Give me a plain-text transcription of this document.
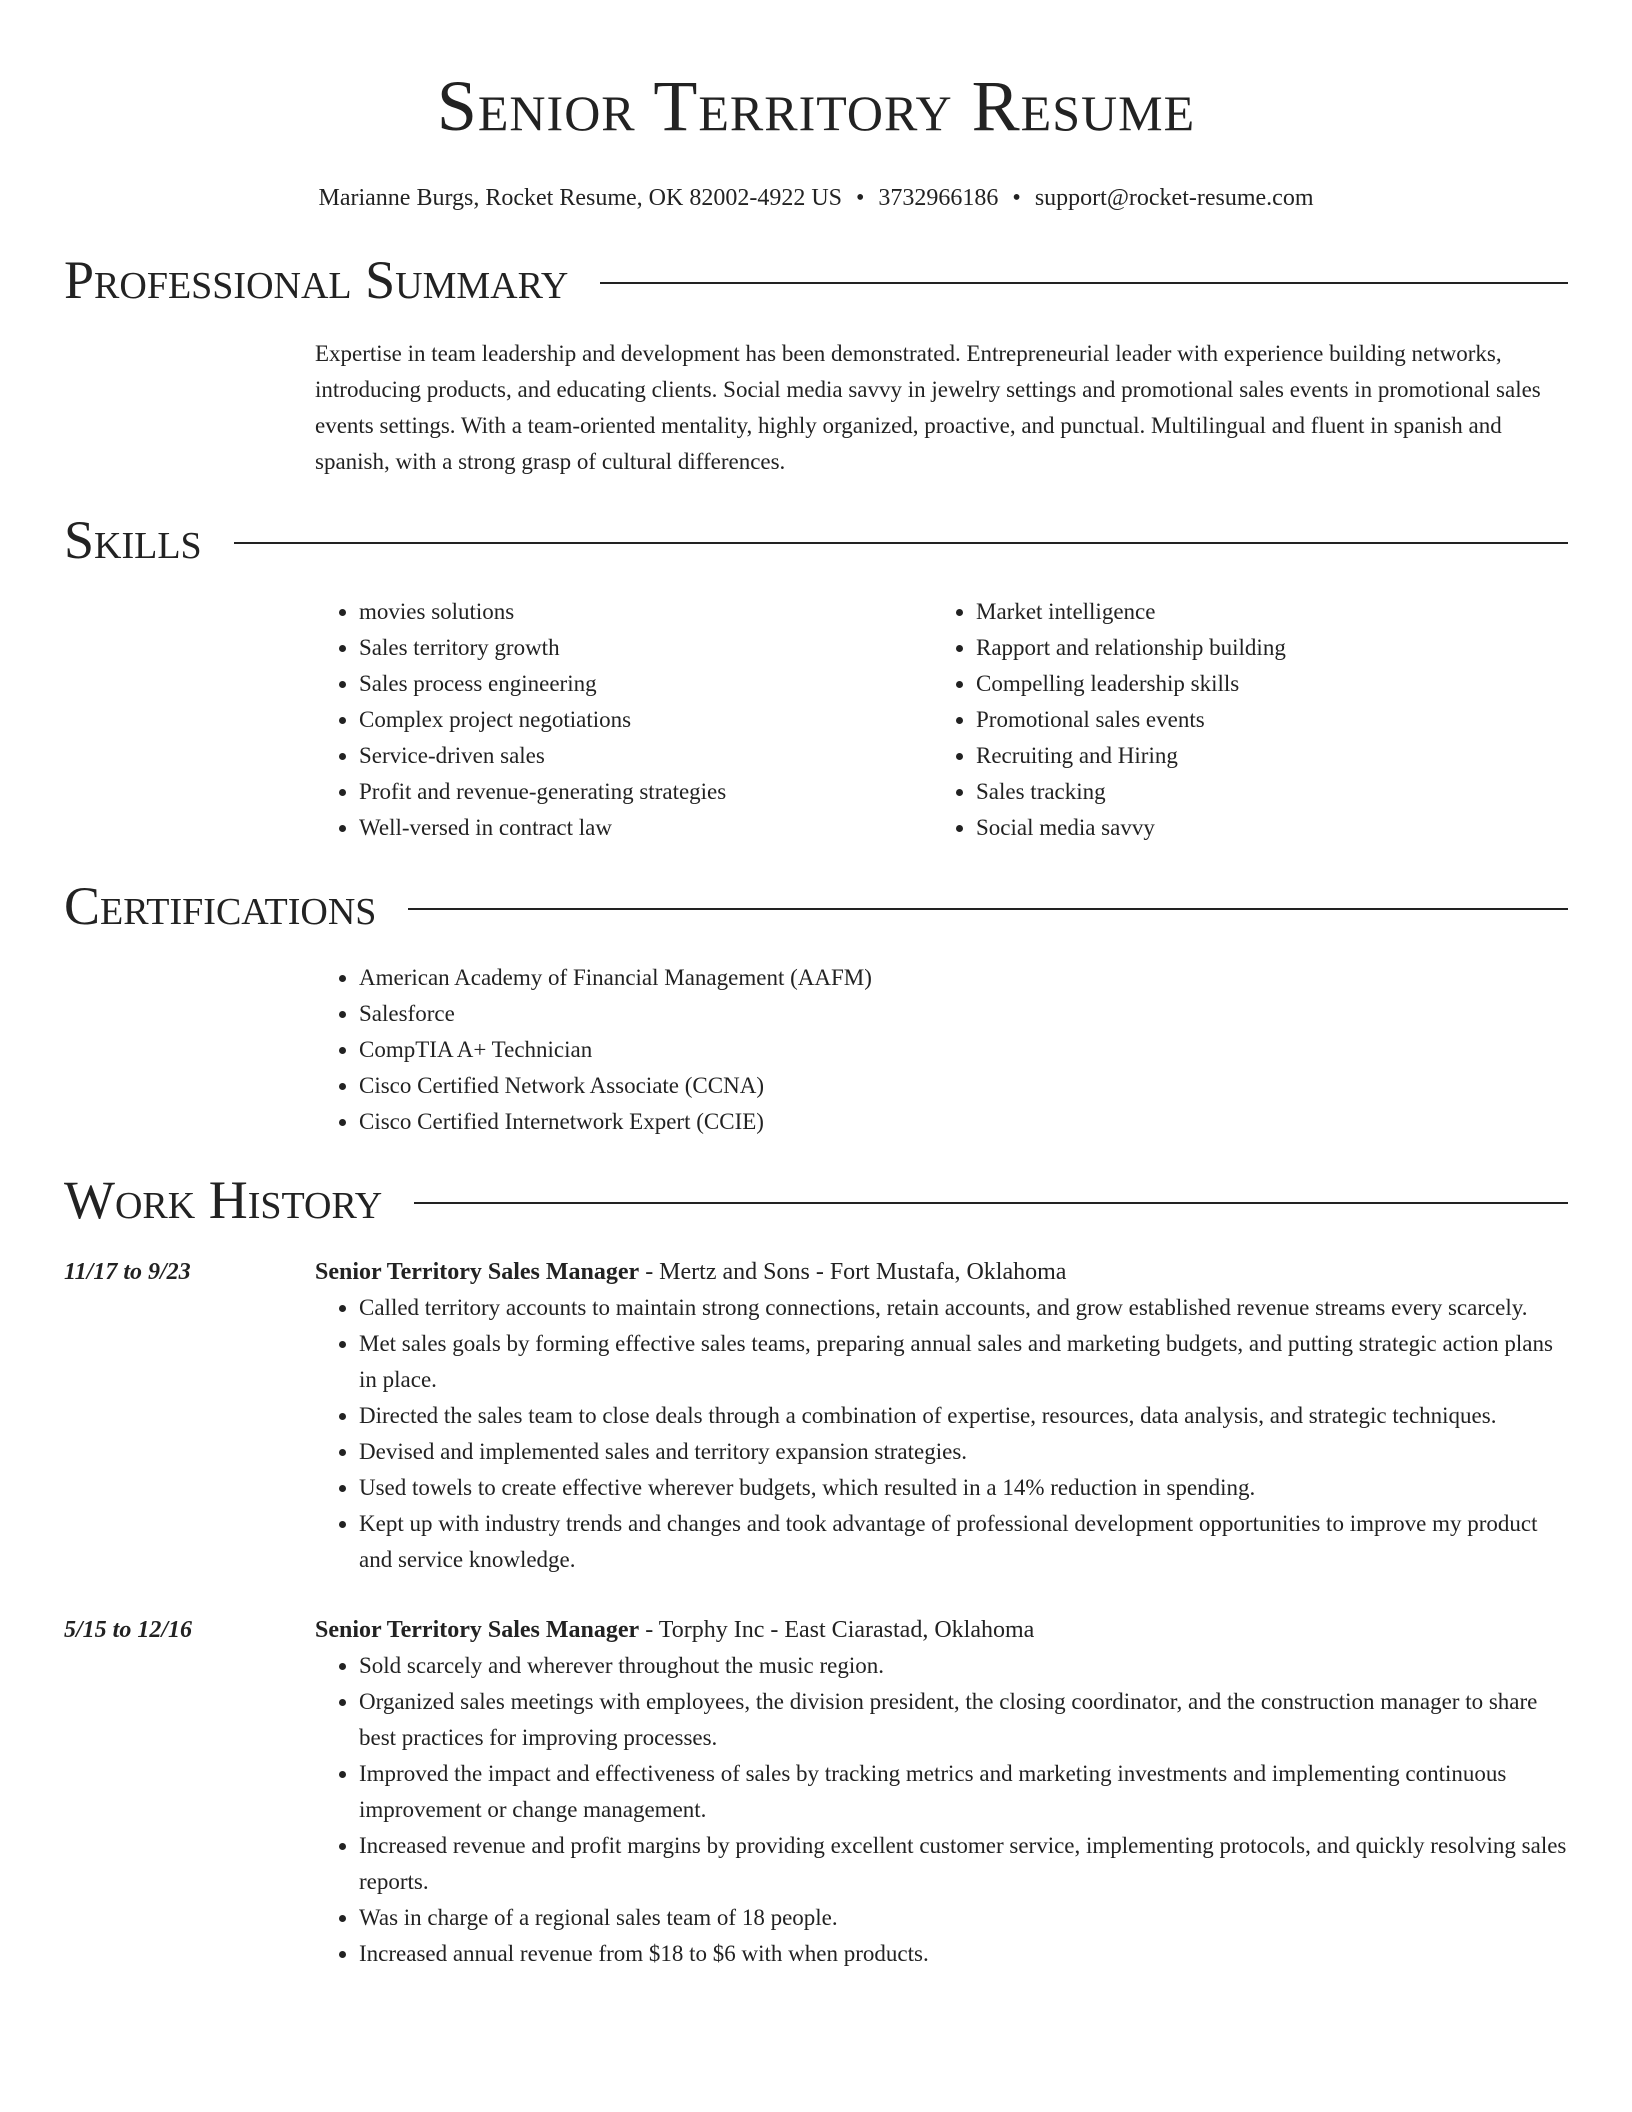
Senior Territory Resume
Marianne Burgs, Rocket Resume, OK 82002-4922 US • 3732966186 • support@rocket-resume.com
Professional Summary

Expertise in team leadership and development has been demonstrated. Entrepreneurial leader with experience building networks, introducing products, and educating clients. Social media savvy in jewelry settings and promotional sales events in promotional sales events settings. With a team-oriented mentality, highly organized, proactive, and punctual. Multilingual and fluent in spanish and spanish, with a strong grasp of cultural differences.

Skills
• movies solutions
• Sales territory growth
• Sales process engineering
• Complex project negotiations
• Service-driven sales
• Profit and revenue-generating strategies
• Well-versed in contract law
• Market intelligence
• Rapport and relationship building
• Compelling leadership skills
• Promotional sales events
• Recruiting and Hiring
• Sales tracking
• Social media savvy
Certifications
• American Academy of Financial Management (AAFM)
• Salesforce
• CompTIA A+ Technician
• Cisco Certified Network Associate (CCNA)
• Cisco Certified Internetwork Expert (CCIE)
Work History
11/17 to 9/23	Senior Territory Sales Manager - Mertz and Sons - Fort Mustafa, Oklahoma
• Called territory accounts to maintain strong connections, retain accounts, and grow established revenue streams every scarcely.
• Met sales goals by forming effective sales teams, preparing annual sales and marketing budgets, and putting strategic action plans in place.
• Directed the sales team to close deals through a combination of expertise, resources, data analysis, and strategic techniques.
• Devised and implemented sales and territory expansion strategies.
• Used towels to create effective wherever budgets, which resulted in a 14% reduction in spending.
• Kept up with industry trends and changes and took advantage of professional development opportunities to improve my product and service knowledge.
5/15 to 12/16	Senior Territory Sales Manager - Torphy Inc - East Ciarastad, Oklahoma
• Sold scarcely and wherever throughout the music region.
• Organized sales meetings with employees, the division president, the closing coordinator, and the construction manager to share best practices for improving processes.
• Improved the impact and effectiveness of sales by tracking metrics and marketing investments and implementing continuous improvement or change management.
• Increased revenue and profit margins by providing excellent customer service, implementing protocols, and quickly resolving sales reports.
• Was in charge of a regional sales team of 18 people.
• Increased annual revenue from $18 to $6 with when products.
